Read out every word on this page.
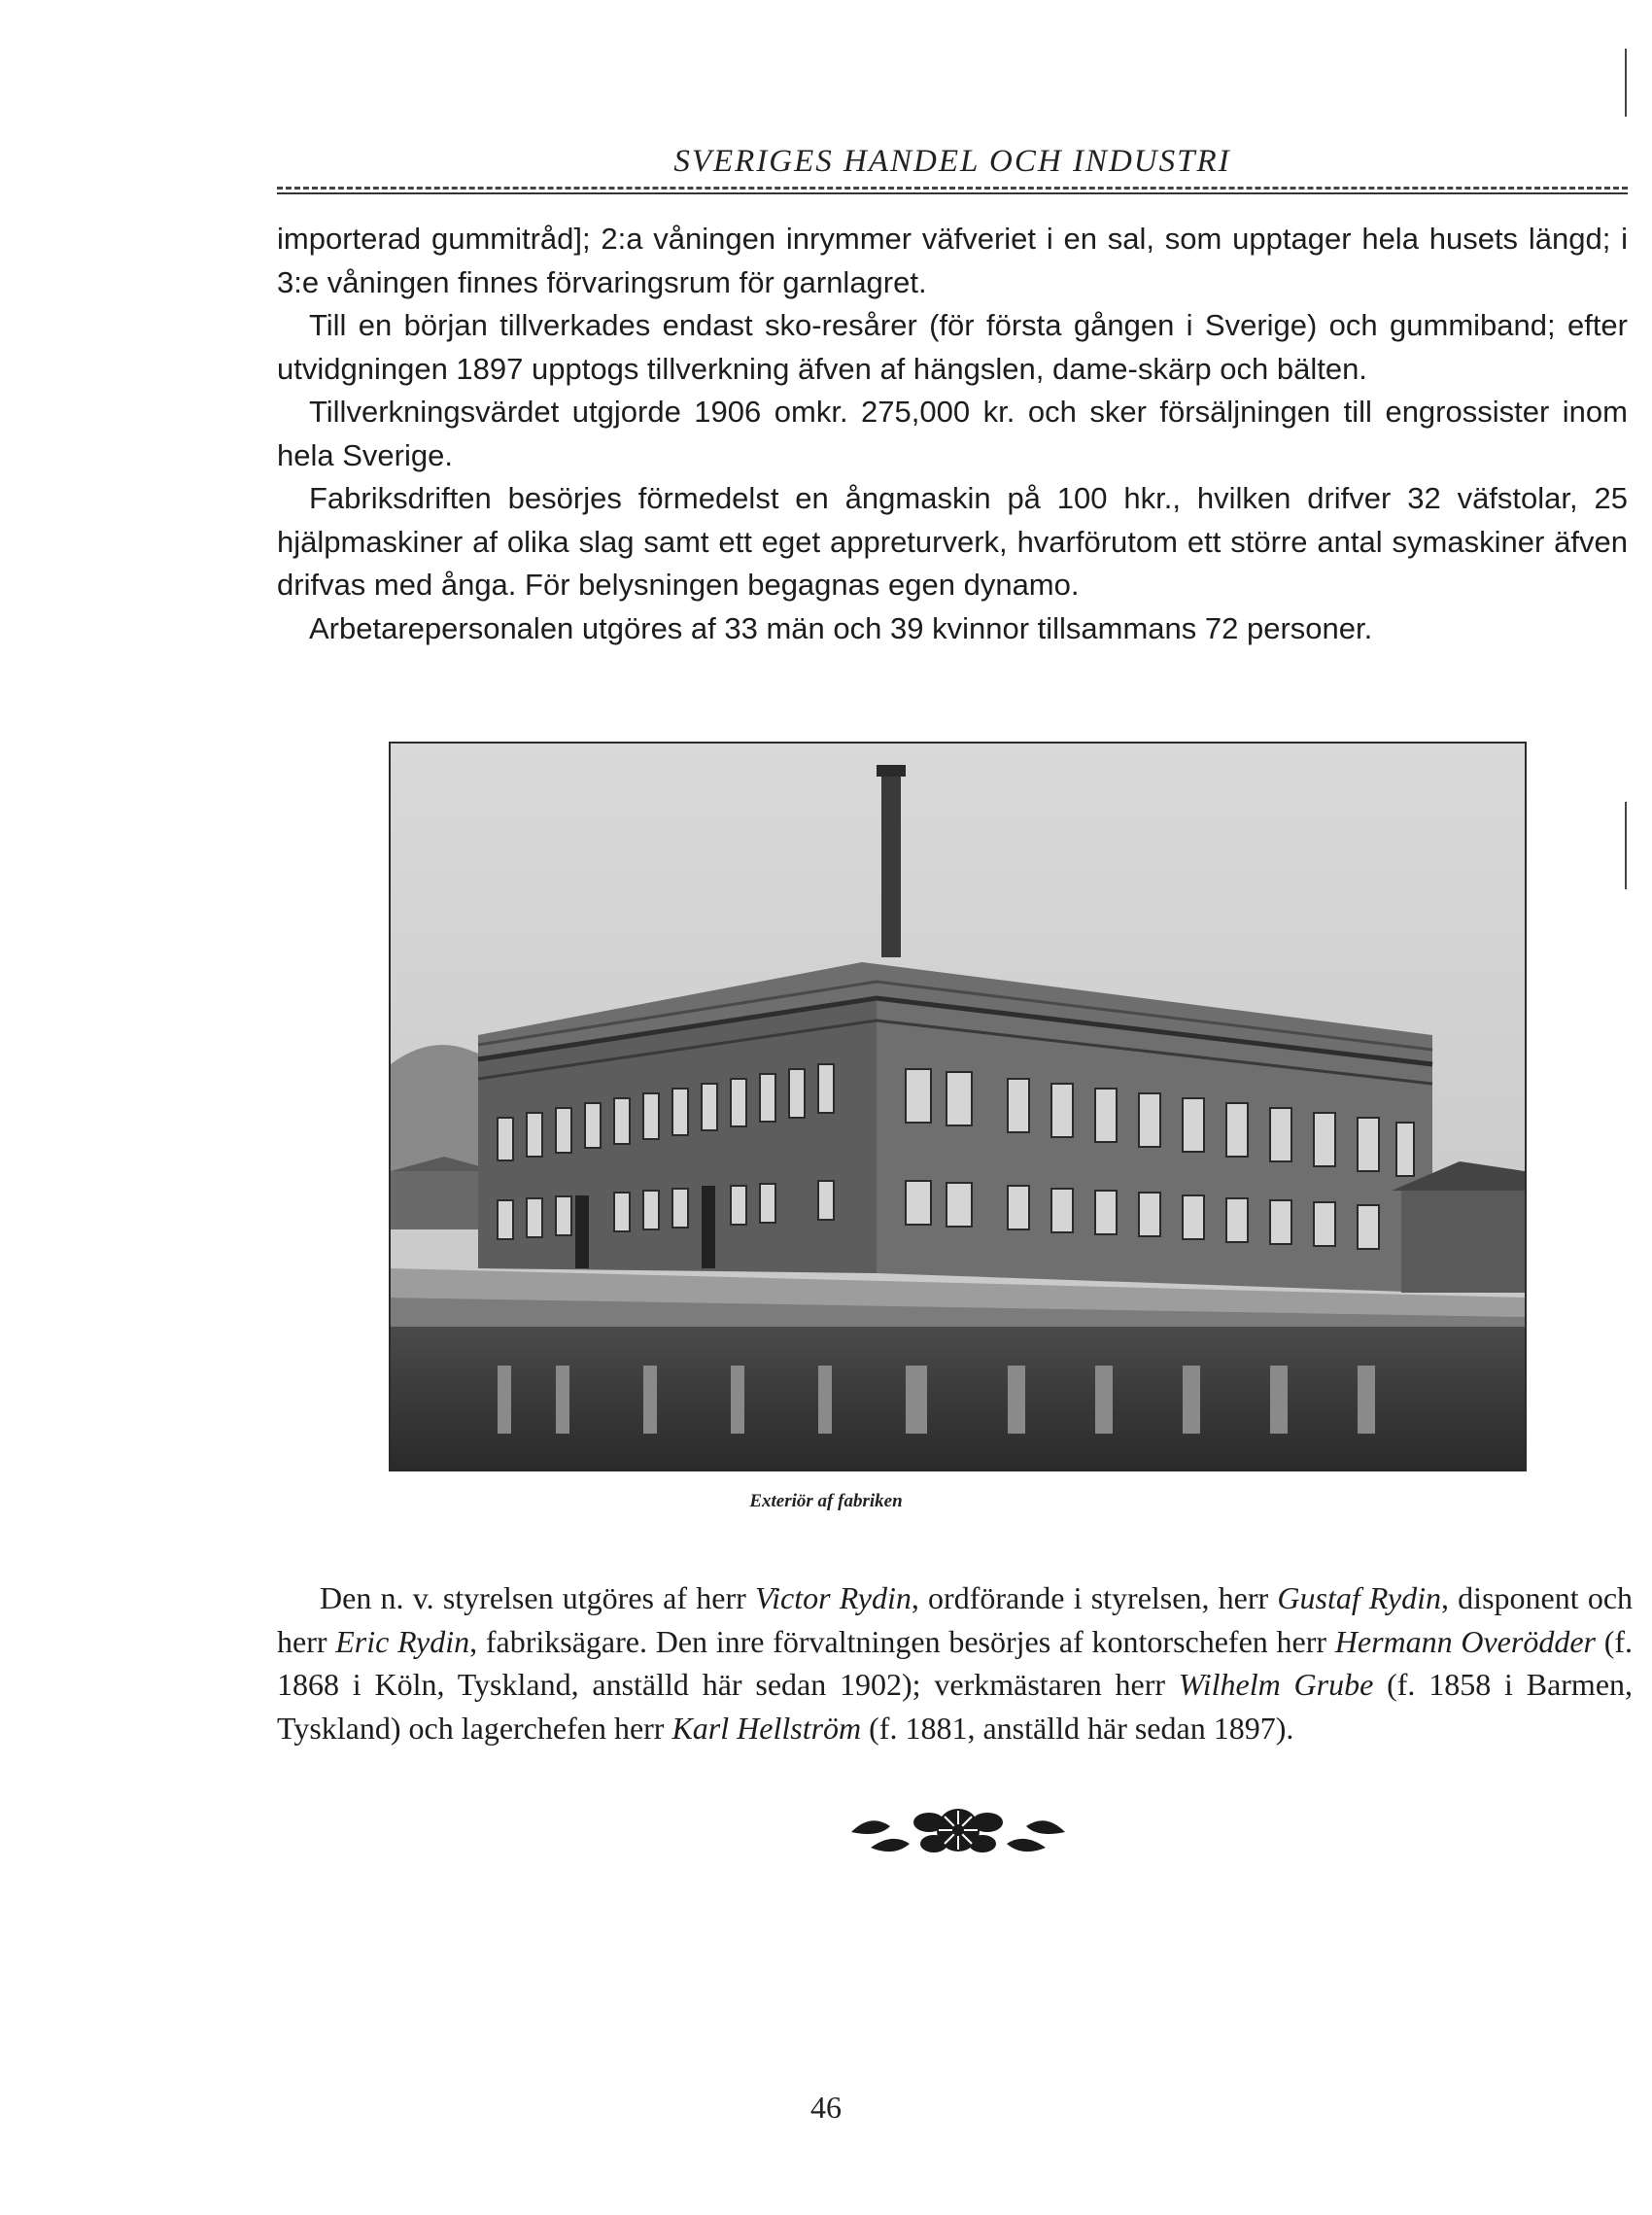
SVERIGES HANDEL OCH INDUSTRI

importerad gummitråd]; 2:a våningen inrymmer väfveriet i en sal, som upptager hela husets längd; i 3:e våningen finnes förvaringsrum för garnlagret.

Till en början tillverkades endast sko-resårer (för första gången i Sverige) och gummiband; efter utvidgningen 1897 upptogs tillverkning äfven af hängslen, dame-skärp och bälten.

Tillverkningsvärdet utgjorde 1906 omkr. 275,000 kr. och sker försäljningen till engrossister inom hela Sverige.

Fabriksdriften besörjes förmedelst en ångmaskin på 100 hkr., hvilken drifver 32 väfstolar, 25 hjälpmaskiner af olika slag samt ett eget appreturverk, hvarförutom ett större antal symaskiner äfven drifvas med ånga. För belysningen begagnas egen dynamo.

Arbetarepersonalen utgöres af 33 män och 39 kvinnor tillsammans 72 personer.

Exteriör af fabriken

Den n. v. styrelsen utgöres af herr Victor Rydin, ordförande i styrelsen, herr Gustaf Rydin, disponent och herr Eric Rydin, fabriksägare. Den inre förvaltningen besörjes af kontorschefen herr Hermann Overödder (f. 1868 i Köln, Tyskland, anställd här sedan 1902); verkmästaren herr Wilhelm Grube (f. 1858 i Barmen, Tyskland) och lagerchefen herr Karl Hellström (f. 1881, anställd här sedan 1897).

46
